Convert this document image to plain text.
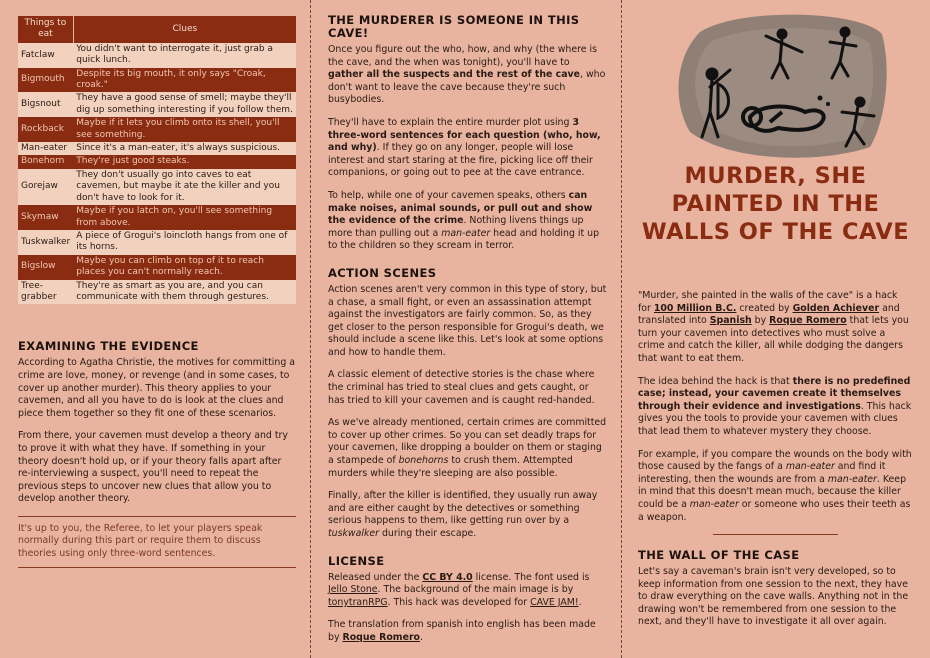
Things to eat	Clues
Fatclaw	You didn't want to interrogate it, just grab a quick lunch.
Bigmouth	Despite its big mouth, it only says "Croak, croak."
Bigsnout	They have a good sense of smell; maybe they'll dig up something interesting if you follow them.
Rockback	Maybe if it lets you climb onto its shell, you'll see something.
Man-eater	Since it's a man-eater, it's always suspicious.
Bonehorn	They're just good steaks.
Gorejaw	They don't usually go into caves to eat cavemen, but maybe it ate the killer and you don't have to look for it.
Skymaw	Maybe if you latch on, you'll see something from above.
Tuskwalker	A piece of Grogui's loincloth hangs from one of its horns.
Bigslow	Maybe you can climb on top of it to reach places you can't normally reach.
Tree-grabber	They're as smart as you are, and you can communicate with them through gestures.
EXAMINING THE EVIDENCE

According to Agatha Christie, the motives for committing a crime are love, money, or revenge (and in some cases, to cover up another murder). This theory applies to your cavemen, and all you have to do is look at the clues and piece them together so they fit one of these scenarios.

From there, your cavemen must develop a theory and try to prove it with what they have. If something in your theory doesn't hold up, or if your theory falls apart after re-interviewing a suspect, you'll need to repeat the previous steps to uncover new clues that allow you to develop another theory.

It's up to you, the Referee, to let your players speak normally during this part or require them to discuss theories using only three-word sentences.

THE MURDERER IS SOMEONE IN THIS CAVE!

Once you figure out the who, how, and why (the where is the cave, and the when was tonight), you'll have to gather all the suspects and the rest of the cave, who don't want to leave the cave because they're such busybodies.

They'll have to explain the entire murder plot using 3 three-word sentences for each question (who, how, and why). If they go on any longer, people will lose interest and start staring at the fire, picking lice off their companions, or going out to pee at the cave entrance.

To help, while one of your cavemen speaks, others can make noises, animal sounds, or pull out and show the evidence of the crime. Nothing livens things up more than pulling out a man-eater head and holding it up to the children so they scream in terror.

ACTION SCENES

Action scenes aren't very common in this type of story, but a chase, a small fight, or even an assassination attempt against the investigators are fairly common. So, as they get closer to the person responsible for Grogui's death, we should include a scene like this. Let's look at some options and how to handle them.

A classic element of detective stories is the chase where the criminal has tried to steal clues and gets caught, or has tried to kill your cavemen and is caught red-handed.

As we've already mentioned, certain crimes are committed to cover up other crimes. So you can set deadly traps for your cavemen, like dropping a boulder on them or staging a stampede of bonehorns to crush them. Attempted murders while they're sleeping are also possible.

Finally, after the killer is identified, they usually run away and are either caught by the detectives or something serious happens to them, like getting run over by a tuskwalker during their escape.

LICENSE

Released under the CC BY 4.0 license. The font used is Jello Stone. The background of the main image is by tonytranRPG. This hack was developed for CAVE JAM!.

The translation from spanish into english has been made by Roque Romero.

MURDER, SHE PAINTED IN THE WALLS OF THE CAVE

"Murder, she painted in the walls of the cave" is a hack for 100 Million B.C. created by Golden Achiever and translated into Spanish by Roque Romero that lets you turn your cavemen into detectives who must solve a crime and catch the killer, all while dodging the dangers that want to eat them.

The idea behind the hack is that there is no predefined case; instead, your cavemen create it themselves through their evidence and investigations. This hack gives you the tools to provide your cavemen with clues that lead them to whatever mystery they choose.

For example, if you compare the wounds on the body with those caused by the fangs of a man-eater and find it interesting, then the wounds are from a man-eater. Keep in mind that this doesn't mean much, because the killer could be a man-eater or someone who uses their teeth as a weapon.

THE WALL OF THE CASE

Let's say a caveman's brain isn't very developed, so to keep information from one session to the next, they have to draw everything on the cave walls. Anything not in the drawing won't be remembered from one session to the next, and they'll have to investigate it all over again.
